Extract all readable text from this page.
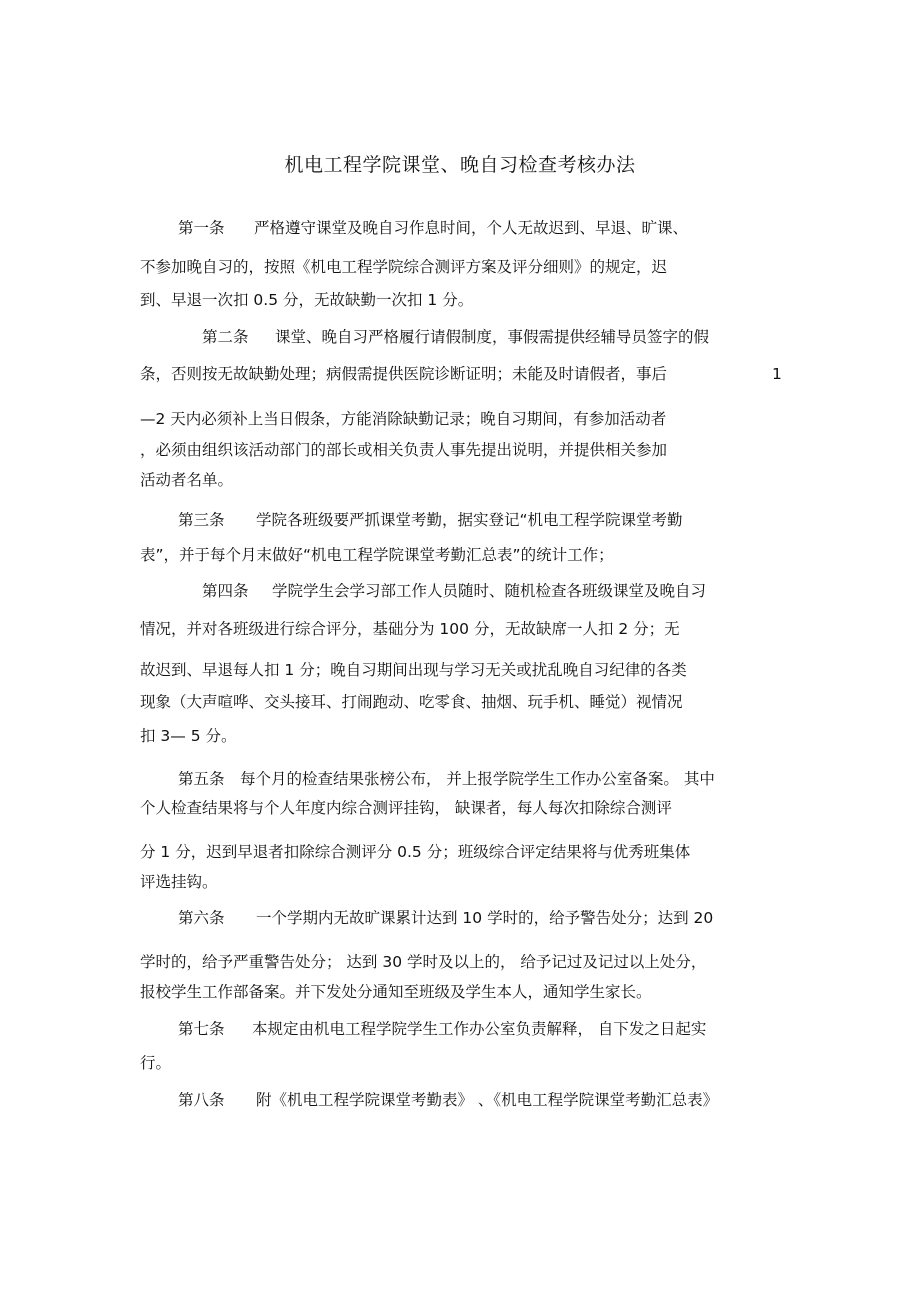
机电工程学院课堂、晚自习检查考核办法
第一条 严格遵守课堂及晚自习作息时间，个人无故迟到、早退、旷课、
不参加晚自习的，按照《机电工程学院综合测评方案及评分细则》的规定，迟
到、早退一次扣 0.5 分，无故缺勤一次扣 1 分。
第二条 课堂、晚自习严格履行请假制度，事假需提供经辅导员签字的假
条，否则按无故缺勤处理；病假需提供医院诊断证明；未能及时请假者，事后	1
—2 天内必须补上当日假条，方能消除缺勤记录；晚自习期间，有参加活动者
，必须由组织该活动部门的部长或相关负责人事先提出说明，并提供相关参加
活动者名单。
第三条 学院各班级要严抓课堂考勤，据实登记“机电工程学院课堂考勤
表”，并于每个月末做好“机电工程学院课堂考勤汇总表”的统计工作；
第四条 学院学生会学习部工作人员随时、随机检查各班级课堂及晚自习
情况，并对各班级进行综合评分，基础分为 100 分，无故缺席一人扣 2 分；无
故迟到、早退每人扣 1 分；晚自习期间出现与学习无关或扰乱晚自习纪律的各类
现象（大声喧哗、交头接耳、打闹跑动、吃零食、抽烟、玩手机、睡觉）视情况
扣 3— 5 分。
第五条 每个月的检查结果张榜公布， 并上报学院学生工作办公室备案。 其中
个人检查结果将与个人年度内综合测评挂钩， 缺课者，每人每次扣除综合测评
分 1 分，迟到早退者扣除综合测评分 0.5 分；班级综合评定结果将与优秀班集体
评选挂钩。
第六条 一个学期内无故旷课累计达到 10 学时的，给予警告处分；达到 20
学时的，给予严重警告处分； 达到 30 学时及以上的， 给予记过及记过以上处分，
报校学生工作部备案。并下发处分通知至班级及学生本人，通知学生家长。
第七条 本规定由机电工程学院学生工作办公室负责解释， 自下发之日起实
行。
第八条 附《机电工程学院课堂考勤表》 、《机电工程学院课堂考勤汇总表》
